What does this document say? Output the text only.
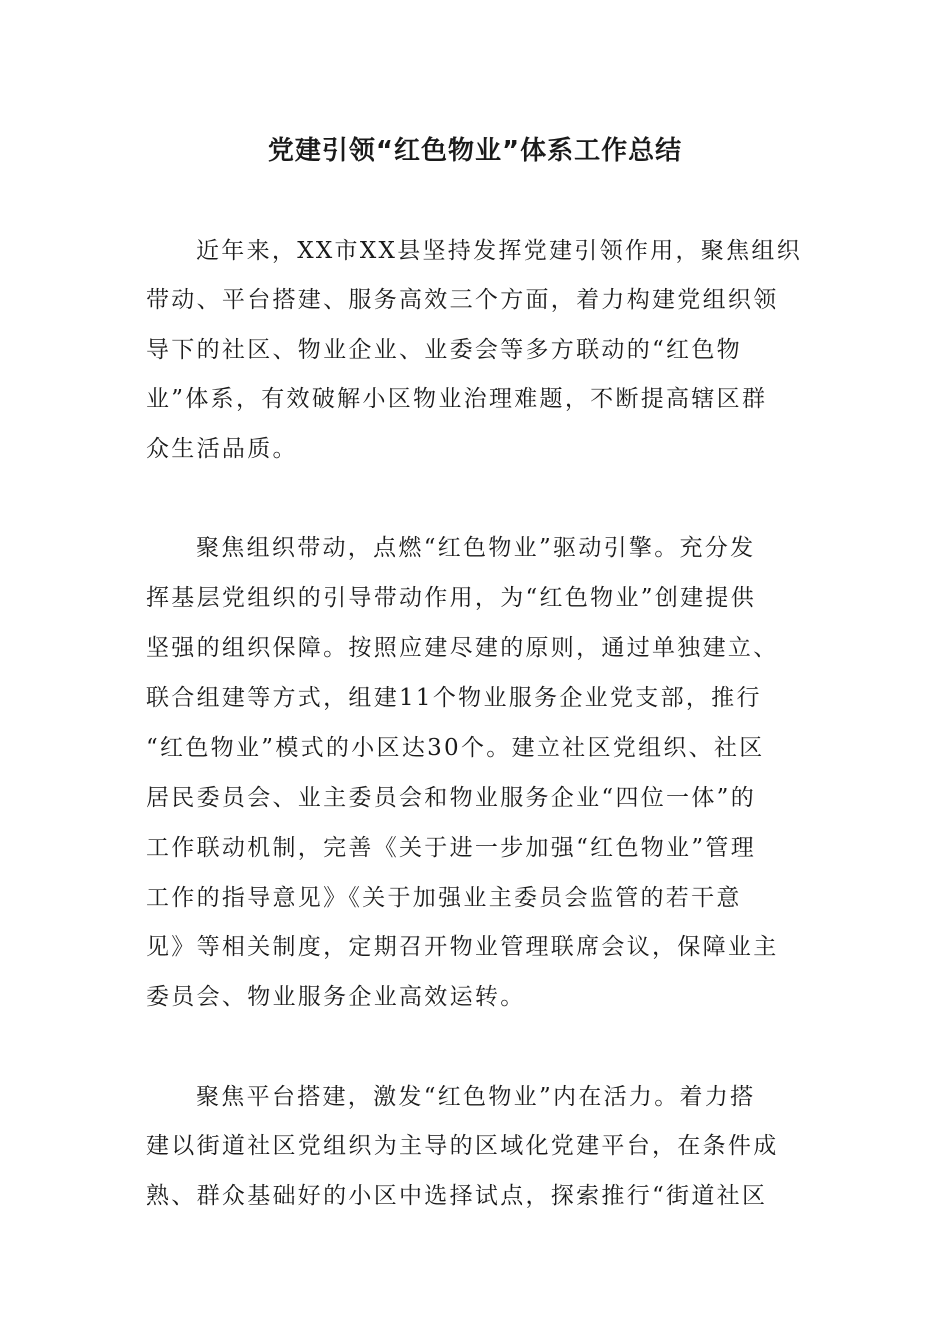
党建引领“红色物业”体系工作总结

近年来，XX市XX县坚持发挥党建引领作用，聚焦组织

带动、平台搭建、服务高效三个方面，着力构建党组织领

导下的社区、物业企业、业委会等多方联动的“红色物

业”体系，有效破解小区物业治理难题，不断提高辖区群

众生活品质。

聚焦组织带动，点燃“红色物业”驱动引擎。充分发

挥基层党组织的引导带动作用，为“红色物业”创建提供

坚强的组织保障。按照应建尽建的原则，通过单独建立、

联合组建等方式，组建11个物业服务企业党支部，推行

“红色物业”模式的小区达30个。建立社区党组织、社区

居民委员会、业主委员会和物业服务企业“四位一体”的

工作联动机制，完善《关于进一步加强“红色物业”管理

工作的指导意见》《关于加强业主委员会监管的若干意

见》等相关制度，定期召开物业管理联席会议，保障业主

委员会、物业服务企业高效运转。

聚焦平台搭建，激发“红色物业”内在活力。着力搭

建以街道社区党组织为主导的区域化党建平台，在条件成

熟、群众基础好的小区中选择试点，探索推行“街道社区
